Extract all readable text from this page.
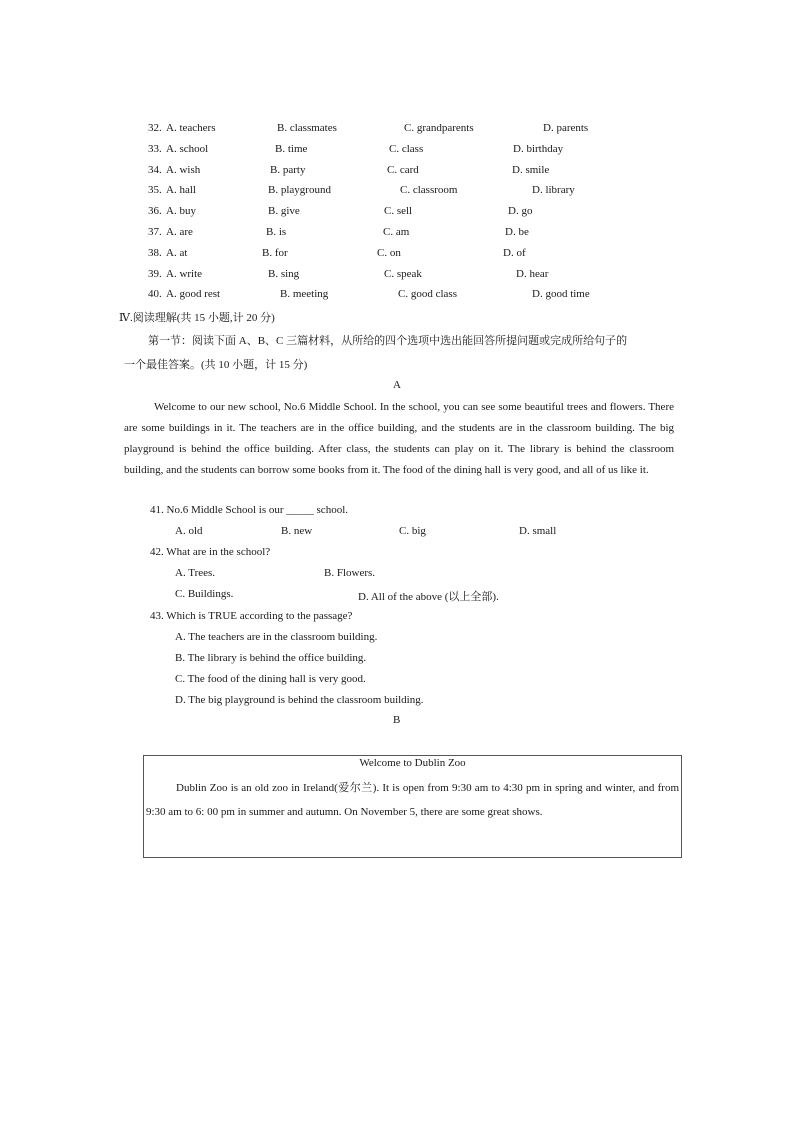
32. A. teachers	B. classmates	C. grandparents	D. parents
33. A. school	B. time	C. class	D. birthday
34. A. wish	B. party	C. card	D. smile
35. A. hall	B. playground	C. classroom	D. library
36. A. buy	B. give	C. sell	D. go
37. A. are	B. is	C. am	D. be
38. A. at	B. for	C. on	D. of
39. A. write	B. sing	C. speak	D. hear
40. A. good rest	B. meeting	C. good class	D. good time
Ⅳ.阅读理解(共 15 小题,计 20 分)
第一节：阅读下面 A、B、C 三篇材料，从所给的四个选项中选出能回答所提问题或完成所给句子的
一个最佳答案。(共 10 小题，计 15 分)
A
Welcome to our new school, No.6 Middle School. In the school, you can see some beautiful trees and flowers. There are some buildings in it. The teachers are in the office building, and the students are in the classroom building. The big playground is behind the office building. After class, the students can play on it. The library is behind the classroom building, and the students can borrow some books from it. The food of the dining hall is very good, and all of us like it.
41. No.6 Middle School is our _____ school.
A. old	B. new	C. big	D. small
42. What are in the school?
A. Trees.	B. Flowers.
C. Buildings.	D. All of the above (以上全部).
43. Which is TRUE according to the passage?
A. The teachers are in the classroom building.
B. The library is behind the office building.
C. The food of the dining hall is very good.
D. The big playground is behind the classroom building.
B
Welcome to Dublin Zoo
Dublin Zoo is an old zoo in Ireland(爱尔兰). It is open from 9:30 am to 4:30 pm in spring and winter, and from 9:30 am to 6: 00 pm in summer and autumn. On November 5, there are some great shows.
